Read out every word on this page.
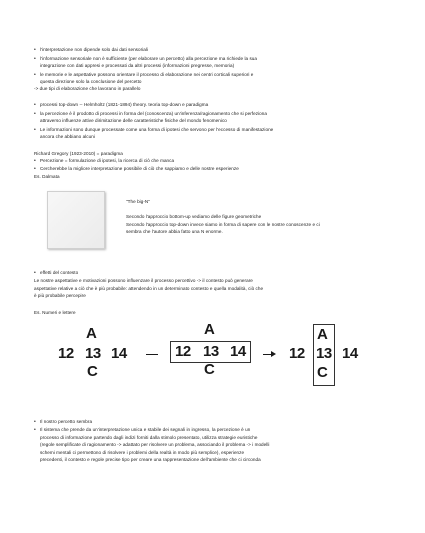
• l'interpretazione non dipende solo dai dati sensoriali
• l'informazione sensoriale non è sufficiente (per elaborare un percetto) alla percezione ma richiede la sua
integrazione con dati appresi e processati da altri processi (informazioni pregresse, memoria)
• le memorie e le aspettative possono orientare il processo di elaborazione nei centri corticali superiori e
questa direzione solo la conclusione del percetto
-> due tipi di elaborazione che lavorano in parallelo
• processi top-down -- Helmholtz (1821-1894) theory. teoria top-down e paradigma
• la percezione è il prodotto di processi in forma del (conoscenza) un'inferenza/ragionamento che si perfeziona
attraverso influenze attive dirimitazione delle caratteristiche fisiche del mondo fenomenico
• Le informazioni sono dunque processate come una forma di ipotesi che servono per l'eccesso di manifestazione
ancora che abbiano alcuni
Richard Gregory (1923-2010) = paradigma
• Percezione = formulazione di ipotesi, la ricerca di ciò che manca
• Cercherebbe la migliore interpretazione possibile di ciò che sappiamo e delle nostre esperienze
Es. Dalmata
"The big-N"
Secondo l'approccio bottom-up vediamo delle figure geometriche
Secondo l'approccio top-down invece siamo in forma di sapere con le nostre conoscenze e ci
sembra che l'autore abbia fatto una N enorme.
• effetti del contesto
Le nostre aspettative e motivazioni possono influenzare il processo percettivo -> il contesto può generare
aspettative relative a ciò che è più probabile: attendendo in un determinato contesto e quella modalità, ciò che
è più probabile percepire
Es. Numeri e lettere
A
12 13 14
C
A
12 13 14
C
A
12 13 14
C
• Il nostro percetto sembra
• Il sistema che prende da un'interpretazione unica e stabile dei segnali in ingresso, la percezione è un
processo di informazione partendo dagli indizi forniti dalla stimolo presentato, utilizza strategie euristiche
(regole semplificate di ragionamento -> adattato per risolvere un problema, associando il problema -> i modelli
schemi mentali ci permettono di risolvere i problemi della realtà in modo più semplice), esperienze
precedenti, il contesto e regole precise tipo per creare una rappresentazione dell'ambiente che ci circonda
